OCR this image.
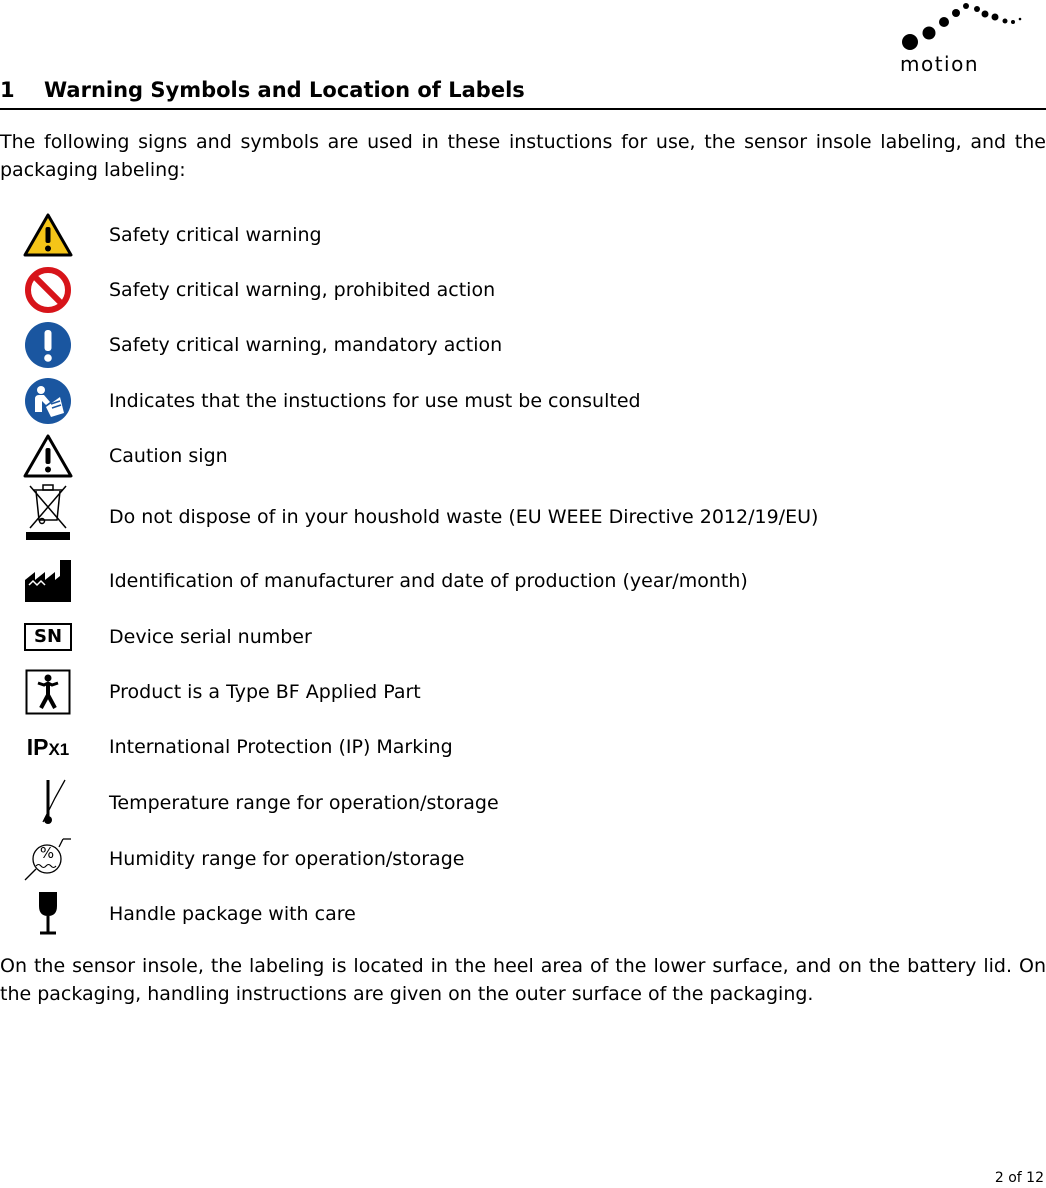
motion
1 Warning Symbols and Location of Labels
The following signs and symbols are used in these instuctions for use, the sensor insole labeling, and the packaging labeling:
Safety critical warning
Safety critical warning, prohibited action
Safety critical warning, mandatory action
Indicates that the instuctions for use must be consulted
Caution sign
Do not dispose of in your houshold waste (EU WEEE Directive 2012/19/EU)
Identification of manufacturer and date of production (year/month)
SN	Device serial number
Product is a Type BF Applied Part
IPX1 International Protection (IP) Marking
Temperature range for operation/storage
%	Humidity range for operation/storage
Handle package with care
On the sensor insole, the labeling is located in the heel area of the lower surface, and on the battery lid. On the packaging, handling instructions are given on the outer surface of the packaging.
2 of 12
